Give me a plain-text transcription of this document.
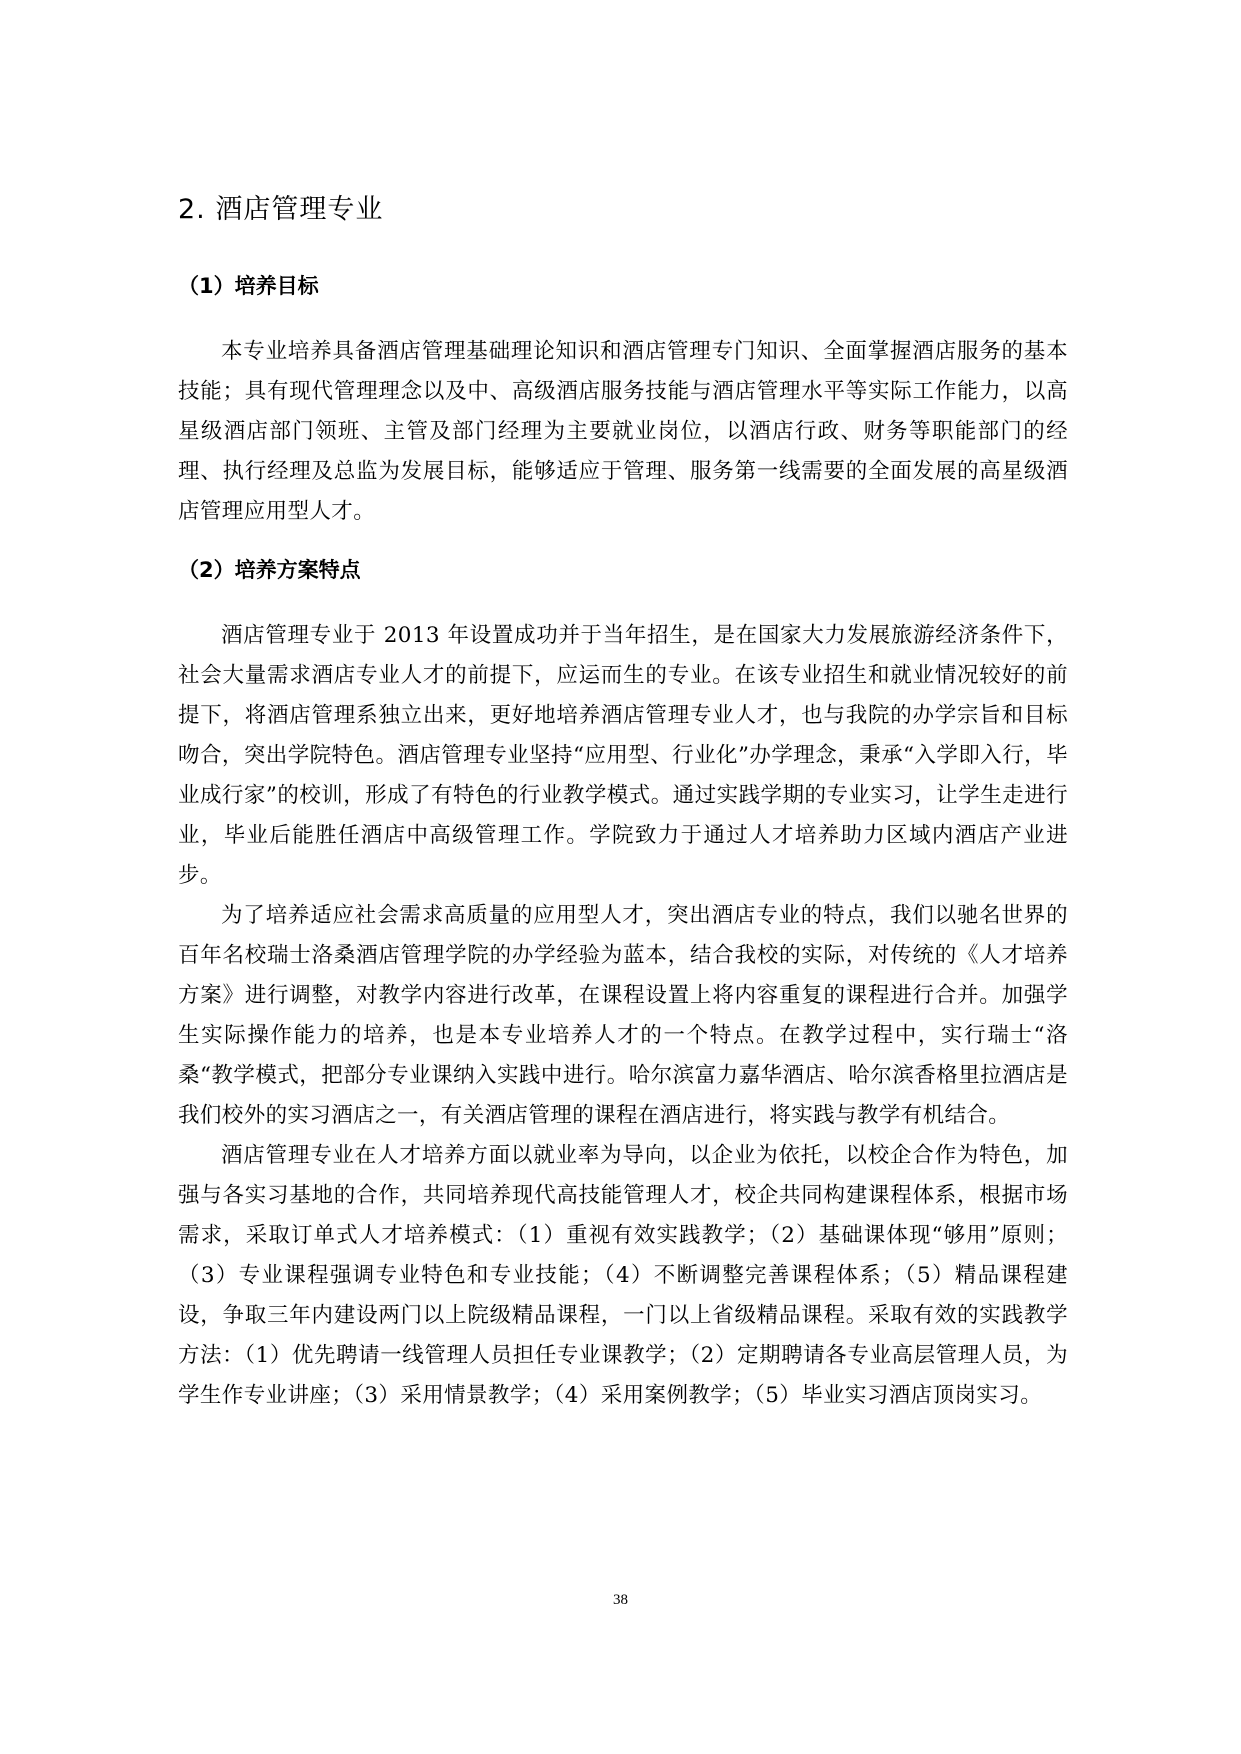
2. 酒店管理专业
（1）培养目标

本专业培养具备酒店管理基础理论知识和酒店管理专门知识、全面掌握酒店服务的基本技能；具有现代管理理念以及中、高级酒店服务技能与酒店管理水平等实际工作能力，以高星级酒店部门领班、主管及部门经理为主要就业岗位，以酒店行政、财务等职能部门的经理、执行经理及总监为发展目标，能够适应于管理、服务第一线需要的全面发展的高星级酒店管理应用型人才。

（2）培养方案特点

酒店管理专业于 2013 年设置成功并于当年招生，是在国家大力发展旅游经济条件下，社会大量需求酒店专业人才的前提下，应运而生的专业。在该专业招生和就业情况较好的前提下，将酒店管理系独立出来，更好地培养酒店管理专业人才，也与我院的办学宗旨和目标吻合，突出学院特色。酒店管理专业坚持“应用型、行业化”办学理念，秉承“入学即入行，毕业成行家”的校训，形成了有特色的行业教学模式。通过实践学期的专业实习，让学生走进行业，毕业后能胜任酒店中高级管理工作。学院致力于通过人才培养助力区域内酒店产业进步。

为了培养适应社会需求高质量的应用型人才，突出酒店专业的特点，我们以驰名世界的百年名校瑞士洛桑酒店管理学院的办学经验为蓝本，结合我校的实际，对传统的《人才培养方案》进行调整，对教学内容进行改革，在课程设置上将内容重复的课程进行合并。加强学生实际操作能力的培养，也是本专业培养人才的一个特点。在教学过程中，实行瑞士“洛桑“教学模式，把部分专业课纳入实践中进行。哈尔滨富力嘉华酒店、哈尔滨香格里拉酒店是我们校外的实习酒店之一，有关酒店管理的课程在酒店进行，将实践与教学有机结合。

酒店管理专业在人才培养方面以就业率为导向，以企业为依托，以校企合作为特色，加强与各实习基地的合作，共同培养现代高技能管理人才，校企共同构建课程体系，根据市场需求，采取订单式人才培养模式：（1）重视有效实践教学；（2）基础课体现“够用”原则；（3）专业课程强调专业特色和专业技能；（4）不断调整完善课程体系；（5）精品课程建设，争取三年内建设两门以上院级精品课程，一门以上省级精品课程。采取有效的实践教学方法：（1）优先聘请一线管理人员担任专业课教学；（2）定期聘请各专业高层管理人员，为学生作专业讲座；（3）采用情景教学；（4）采用案例教学；（5）毕业实习酒店顶岗实习。

38
